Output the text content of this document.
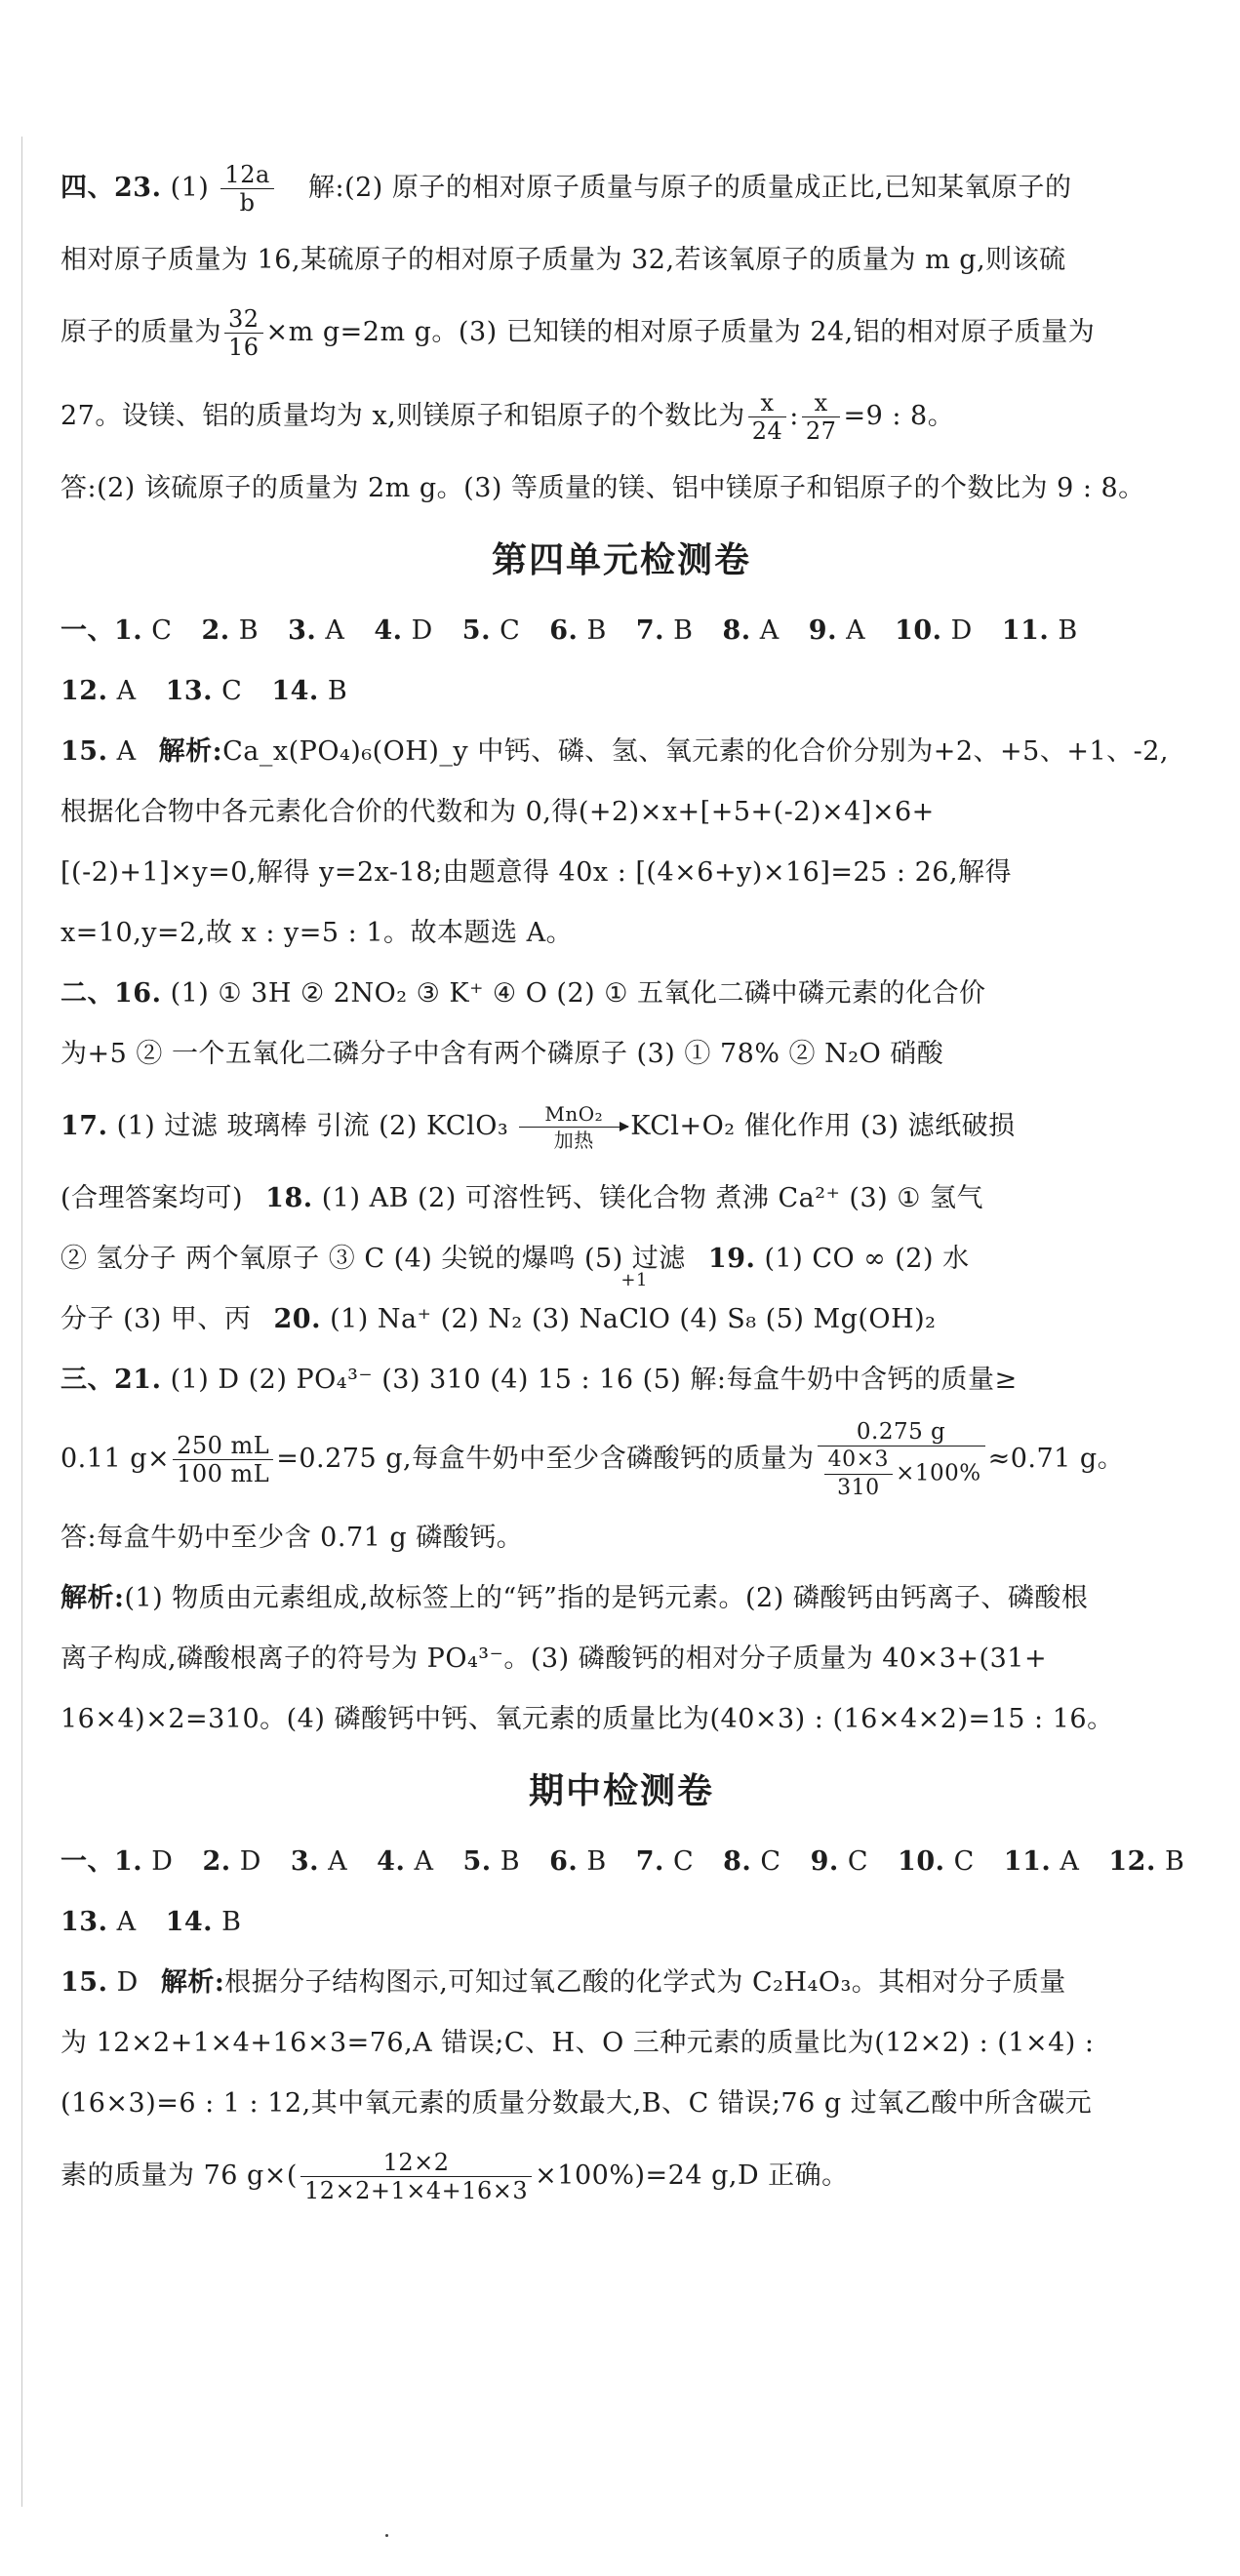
四、23. $(1) \frac{12a}{b}$ 解:(2) 原子的相对原子质量与原子的质量成正比,已知某氧原子的
相对原子质量为 16,某硫原子的相对原子质量为 32,若该氧原子的质量为 m g,则该硫
原子的质量为 $\frac{32}{16} \times m$ g=2m g。(3) 已知镁的相对原子质量为 24,铝的相对原子质量为
27。设镁、铝的质量均为 x,则镁原子和铝原子的个数比为 $\frac{x}{24}$ : $\frac{x}{27} =9$ : 8。
答:(2) 该硫原子的质量为 2m g。(3) 等质量的镁、铝中镁原子和铝原子的个数比为 9 : 8。
第四单元检测卷
一、1. C 2. B 3. A 4. D 5. C 6. B 7. B 8. A 9. A 10. D 11. B
12. A 13. C 14. B
15. A 解析:Ca_x(PO₄)₆(OH)_y 中钙、磷、氢、氧元素的化合价分别为+2、+5、+1、-2,
根据化合物中各元素化合价的代数和为 0,得(+2)×x+[+5+(-2)×4]×6+
[(-2)+1]×y=0,解得 y=2x-18;由题意得 40x : [(4×6+y)×16]=25 : 26,解得
x=10,y=2,故 x : y=5 : 1。故本题选 A。
二、16. (1) ① 3H ② 2NO₂ ③ K⁺ ④ O (2) ① 五氧化二磷中磷元素的化合价
为+5 ② 一个五氧化二磷分子中含有两个磷原子 (3) ① 78% ② N₂O 硝酸
17. (1) 过滤 玻璃棒 引流 (2) KClO₃ MnO₂
加热 KCl+O₂ 催化作用 (3) 滤纸破损
(合理答案均可) 18. (1) AB (2) 可溶性钙、镁化合物 煮沸 Ca²⁺ (3) ① 氢气
② 氢分子 两个氧原子 ③ C (4) 尖锐的爆鸣 (5) 过滤 19. (1) CO ∞ (2) 水
分子 (3) 甲、丙 20. (1) Na⁺ (2) N₂ (3) Na
+1
ClO (4) S₈ (5) Mg(OH)₂
三、21. (1) D (2) PO₄³⁻ (3) 310 (4) 15 : 16 (5) 解:每盒牛奶中含钙的质量≥
0.11 $g\times \frac{250 mL}{100 mL} =0.275$ g,每盒牛奶中至少含磷酸钙的质量为 $\frac{0.275 g}{\frac{40\times 3}{310} \times 100\%} \approx 0.71$ g。
答:每盒牛奶中至少含 0.71 g 磷酸钙。
解析:(1) 物质由元素组成,故标签上的“钙”指的是钙元素。(2) 磷酸钙由钙离子、磷酸根
离子构成,磷酸根离子的符号为 PO₄³⁻。(3) 磷酸钙的相对分子质量为 40×3+(31+
16×4)×2=310。(4) 磷酸钙中钙、氧元素的质量比为(40×3) : (16×4×2)=15 : 16。
期中检测卷
一、1. D 2. D 3. A 4. A 5. B 6. B 7. C 8. C 9. C 10. C 11. A 12. B
13. A 14. B
15. D 解析:根据分子结构图示,可知过氧乙酸的化学式为 C₂H₄O₃。其相对分子质量
为 12×2+1×4+16×3=76,A 错误;C、H、O 三种元素的质量比为(12×2) : (1×4) :
(16×3)=6 : 1 : 12,其中氧元素的质量分数最大,B、C 错误;76 g 过氧乙酸中所含碳元
素的质量为 76 $g\times( \frac{12\times 2}{12\times 2+1\times 4+16\times 3} \times 100\%)=24$ g,D 正确。
